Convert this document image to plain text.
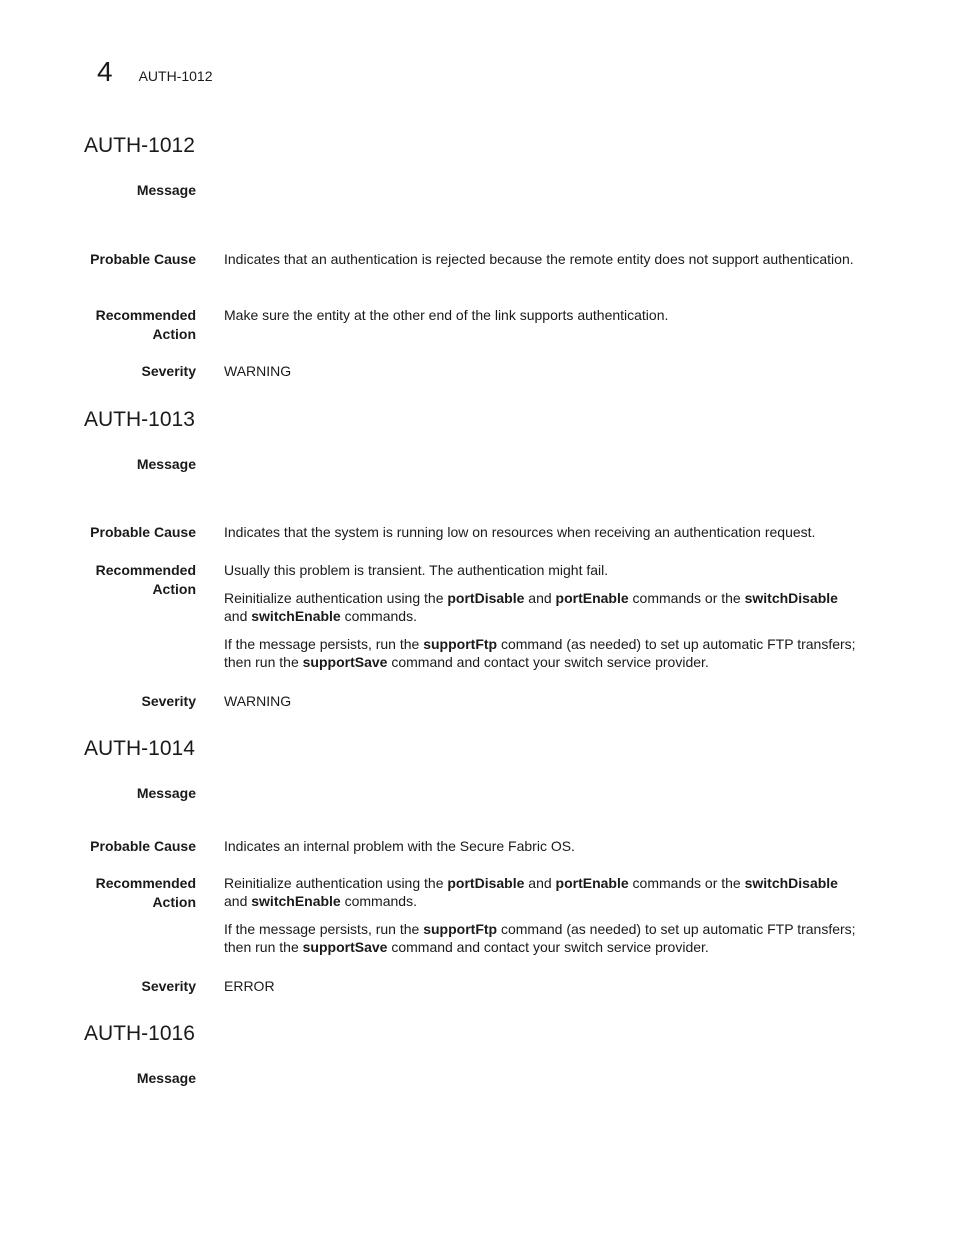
4 AUTH-1012
AUTH-1012
Message
Probable Cause Indicates that an authentication is rejected because the remote entity does not support authentication.
Recommended
Action

Make sure the entity at the other end of the link supports authentication.

Severity WARNING
AUTH-1013
Message
Probable Cause Indicates that the system is running low on resources when receiving an authentication request.
Recommended
Action

Usually this problem is transient. The authentication might fail.

Reinitialize authentication using the portDisable and portEnable commands or the switchDisable
and switchEnable commands.

If the message persists, run the supportFtp command (as needed) to set up automatic FTP transfers; then run the supportSave command and contact your switch service provider.

Severity WARNING
AUTH-1014
Message
Probable Cause Indicates an internal problem with the Secure Fabric OS.
Recommended
Action

Reinitialize authentication using the portDisable and portEnable commands or the switchDisable
and switchEnable commands.

If the message persists, run the supportFtp command (as needed) to set up automatic FTP transfers; then run the supportSave command and contact your switch service provider.

Severity ERROR
AUTH-1016
Message
